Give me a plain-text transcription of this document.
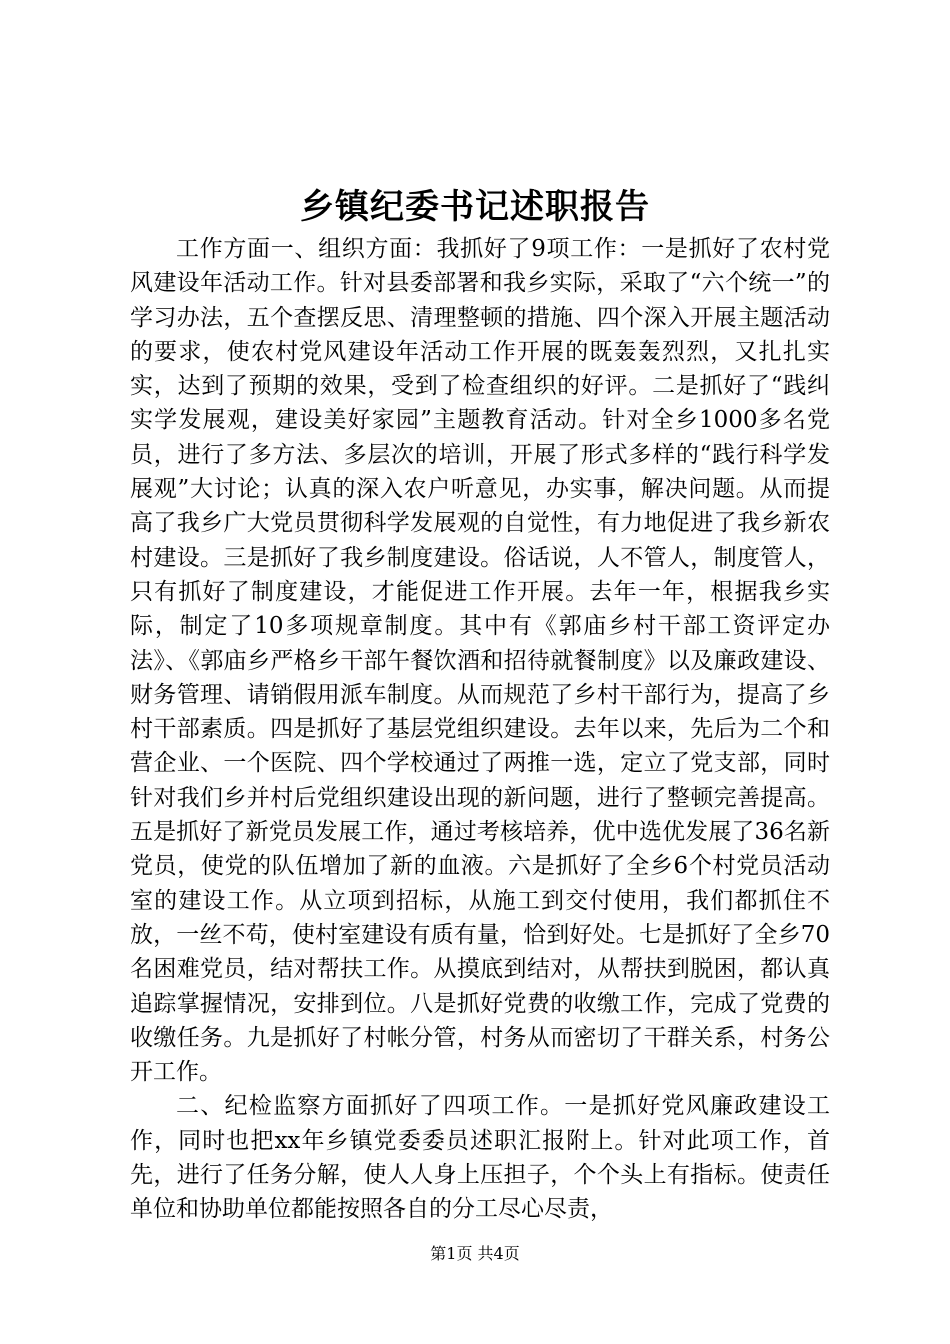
乡镇纪委书记述职报告

工作方面一、组织方面：我抓好了9项工作：一是抓好了农村党风建设年活动工作。针对县委部署和我乡实际，采取了“六个统一”的学习办法，五个查摆反思、清理整顿的措施、四个深入开展主题活动的要求，使农村党风建设年活动工作开展的既轰轰烈烈，又扎扎实实，达到了预期的效果，受到了检查组织的好评。二是抓好了“践纠实学发展观，建设美好家园”主题教育活动。针对全乡1000多名党员，进行了多方法、多层次的培训，开展了形式多样的“践行科学发展观”大讨论；认真的深入农户听意见，办实事，解决问题。从而提高了我乡广大党员贯彻科学发展观的自觉性，有力地促进了我乡新农村建设。三是抓好了我乡制度建设。俗话说，人不管人，制度管人，只有抓好了制度建设，才能促进工作开展。去年一年，根据我乡实际，制定了10多项规章制度。其中有《郭庙乡村干部工资评定办法》、《郭庙乡严格乡干部午餐饮酒和招待就餐制度》以及廉政建设、财务管理、请销假用派车制度。从而规范了乡村干部行为，提高了乡村干部素质。四是抓好了基层党组织建设。去年以来，先后为二个和营企业、一个医院、四个学校通过了两推一选，定立了党支部，同时针对我们乡并村后党组织建设出现的新问题，进行了整顿完善提高。五是抓好了新党员发展工作，通过考核培养，优中选优发展了36名新党员，使党的队伍增加了新的血液。六是抓好了全乡6个村党员活动室的建设工作。从立项到招标，从施工到交付使用，我们都抓住不放，一丝不苟，使村室建设有质有量，恰到好处。七是抓好了全乡70名困难党员，结对帮扶工作。从摸底到结对，从帮扶到脱困，都认真追踪掌握情况，安排到位。八是抓好党费的收缴工作，完成了党费的收缴任务。九是抓好了村帐分管，村务从而密切了干群关系，村务公开工作。

二、纪检监察方面抓好了四项工作。一是抓好党风廉政建设工作，同时也把xx年乡镇党委委员述职汇报附上。针对此项工作，首先，进行了任务分解，使人人身上压担子，个个头上有指标。使责任单位和协助单位都能按照各自的分工尽心尽责，

第1页 共4页
